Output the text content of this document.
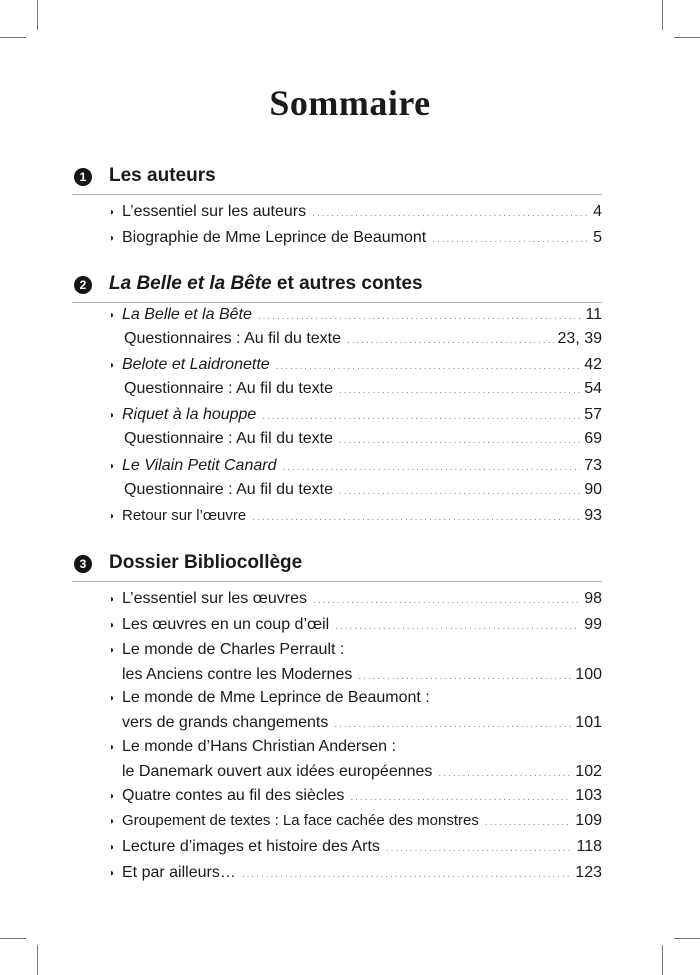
Sommaire
1 Les auteurs
◗ L’essentiel sur les auteurs .....	4
◗ Biographie de Mme Leprince de Beaumont .....	5
2 La Belle et la Bête et autres contes
◗ La Belle et la Bête .....	11
Questionnaires : Au fil du texte .....	23, 39
◗ Belote et Laidronette .....	42
Questionnaire : Au fil du texte .....	54
◗ Riquet à la houppe .....	57
Questionnaire : Au fil du texte .....	69
◗ Le Vilain Petit Canard .....	73
Questionnaire : Au fil du texte .....	90
◗ Retour sur l’œuvre .....	93
3 Dossier Bibliocollège
◗ L’essentiel sur les œuvres .....	98
◗ Les œuvres en un coup d’œil .....	99
◗ Le monde de Charles Perrault :
les Anciens contre les Modernes .....	100
◗ Le monde de Mme Leprince de Beaumont :
vers de grands changements .....	101
◗ Le monde d’Hans Christian Andersen :
le Danemark ouvert aux idées européennes .....	102
◗ Quatre contes au fil des siècles .....	103
◗ Groupement de textes : La face cachée des monstres .....	109
◗ Lecture d’images et histoire des Arts .....	118
◗ Et par ailleurs… .....	123
